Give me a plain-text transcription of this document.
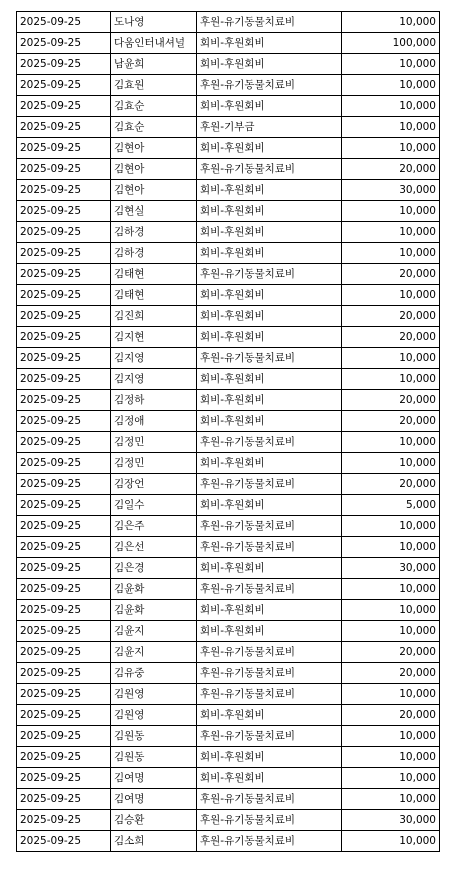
2025-09-25	도나영	후원-유기동물치료비	10,000
2025-09-25	다움인터내셔널	회비-후원회비	100,000
2025-09-25	남윤희	회비-후원회비	10,000
2025-09-25	김효원	후원-유기동물치료비	10,000
2025-09-25	김효순	회비-후원회비	10,000
2025-09-25	김효순	후원-기부금	10,000
2025-09-25	김현아	회비-후원회비	10,000
2025-09-25	김현아	후원-유기동물치료비	20,000
2025-09-25	김현아	회비-후원회비	30,000
2025-09-25	김현실	회비-후원회비	10,000
2025-09-25	김하경	회비-후원회비	10,000
2025-09-25	김하경	회비-후원회비	10,000
2025-09-25	김태현	후원-유기동물치료비	20,000
2025-09-25	김태현	회비-후원회비	10,000
2025-09-25	김진희	회비-후원회비	20,000
2025-09-25	김지현	회비-후원회비	20,000
2025-09-25	김지영	후원-유기동물치료비	10,000
2025-09-25	김지영	회비-후원회비	10,000
2025-09-25	김정하	회비-후원회비	20,000
2025-09-25	김정애	회비-후원회비	20,000
2025-09-25	김정민	후원-유기동물치료비	10,000
2025-09-25	김정민	회비-후원회비	10,000
2025-09-25	김장언	후원-유기동물치료비	20,000
2025-09-25	김일수	회비-후원회비	5,000
2025-09-25	김은주	후원-유기동물치료비	10,000
2025-09-25	김은선	후원-유기동물치료비	10,000
2025-09-25	김은경	회비-후원회비	30,000
2025-09-25	김윤화	후원-유기동물치료비	10,000
2025-09-25	김윤화	회비-후원회비	10,000
2025-09-25	김윤지	회비-후원회비	10,000
2025-09-25	김윤지	후원-유기동물치료비	20,000
2025-09-25	김유중	후원-유기동물치료비	20,000
2025-09-25	김원영	후원-유기동물치료비	10,000
2025-09-25	김원영	회비-후원회비	20,000
2025-09-25	김원동	후원-유기동물치료비	10,000
2025-09-25	김원동	회비-후원회비	10,000
2025-09-25	김여명	회비-후원회비	10,000
2025-09-25	김여명	후원-유기동물치료비	10,000
2025-09-25	김승환	후원-유기동물치료비	30,000
2025-09-25	김소희	후원-유기동물치료비	10,000
